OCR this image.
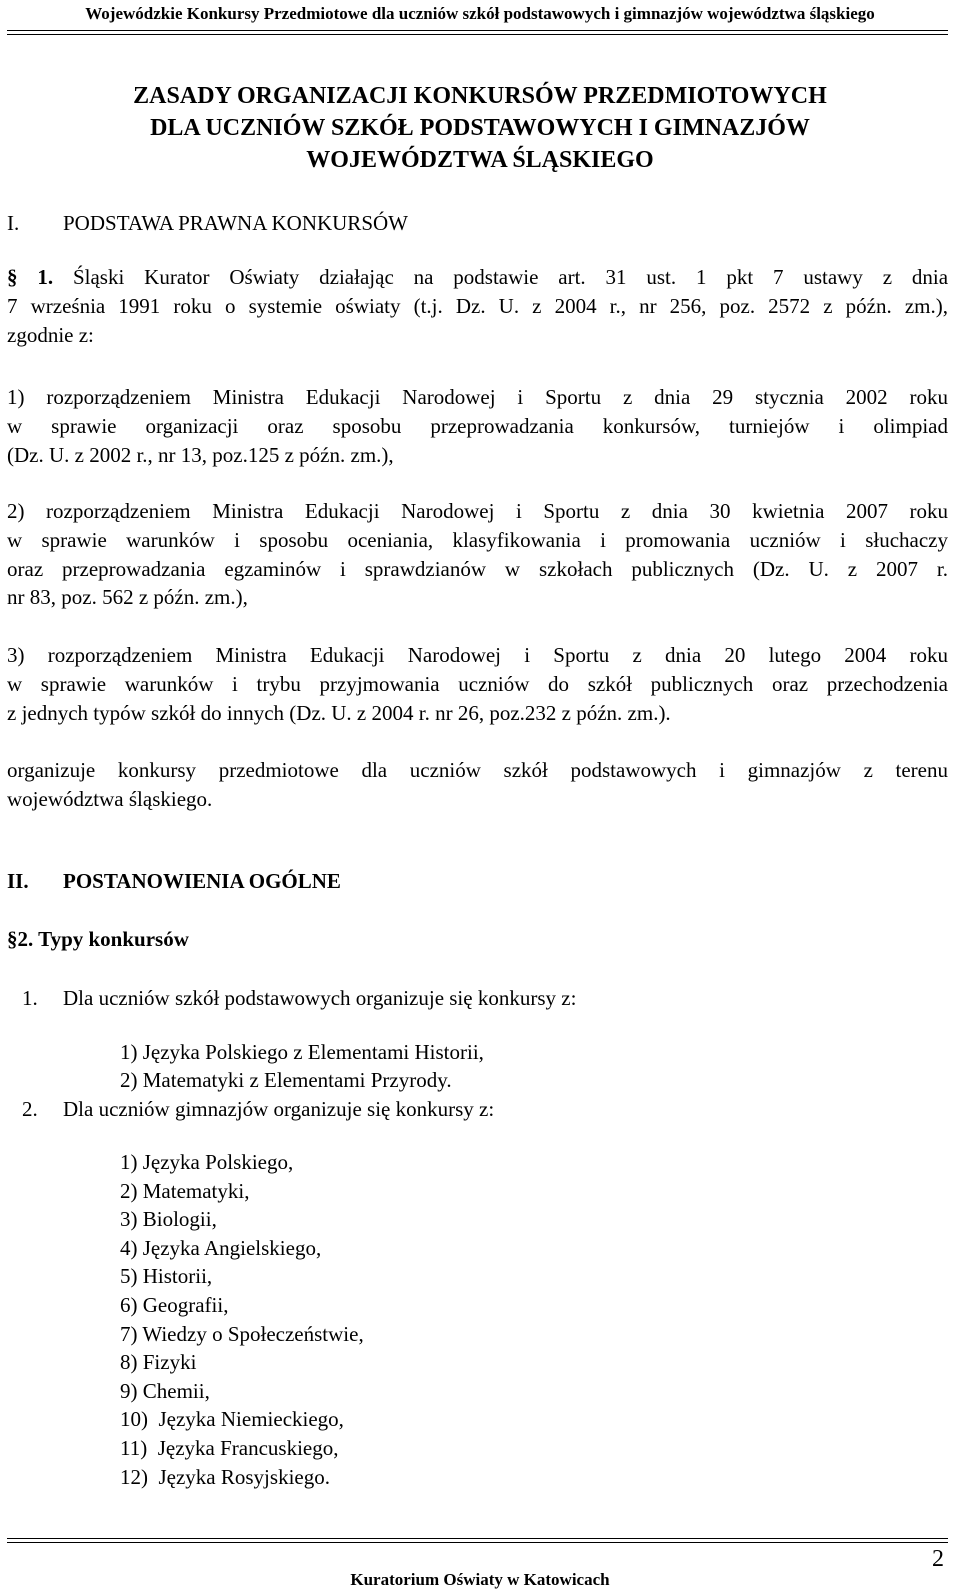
Wojewódzkie Konkursy Przedmiotowe dla uczniów szkół podstawowych i gimnazjów województwa śląskiego
ZASADY ORGANIZACJI KONKURSÓW PRZEDMIOTOWYCH
DLA UCZNIÓW SZKÓŁ PODSTAWOWYCH I GIMNAZJÓW
WOJEWÓDZTWA ŚLĄSKIEGO
I. PODSTAWA PRAWNA KONKURSÓW
§ 1. Śląski Kurator Oświaty działając na podstawie art. 31 ust. 1 pkt 7 ustawy z dnia
7 września 1991 roku o systemie oświaty (t.j. Dz. U. z 2004 r., nr 256, poz. 2572 z późn. zm.),
zgodnie z:
1) rozporządzeniem Ministra Edukacji Narodowej i Sportu z dnia 29 stycznia 2002 roku
w sprawie organizacji oraz sposobu przeprowadzania konkursów, turniejów i olimpiad
(Dz. U. z 2002 r., nr 13, poz.125 z późn. zm.),
2) rozporządzeniem Ministra Edukacji Narodowej i Sportu z dnia 30 kwietnia 2007 roku
w sprawie warunków i sposobu oceniania, klasyfikowania i promowania uczniów i słuchaczy
oraz przeprowadzania egzaminów i sprawdzianów w szkołach publicznych (Dz. U. z 2007 r.
nr 83, poz. 562 z późn. zm.),
3) rozporządzeniem Ministra Edukacji Narodowej i Sportu z dnia 20 lutego 2004 roku
w sprawie warunków i trybu przyjmowania uczniów do szkół publicznych oraz przechodzenia
z jednych typów szkół do innych (Dz. U. z 2004 r. nr 26, poz.232 z późn. zm.).
organizuje konkursy przedmiotowe dla uczniów szkół podstawowych i gimnazjów z terenu
województwa śląskiego.
II. POSTANOWIENIA OGÓLNE
§2. Typy konkursów
1. Dla uczniów szkół podstawowych organizuje się konkursy z:
1) Języka Polskiego z Elementami Historii,
2) Matematyki z Elementami Przyrody.
2. Dla uczniów gimnazjów organizuje się konkursy z:
1) Języka Polskiego,
2) Matematyki,
3) Biologii,
4) Języka Angielskiego,
5) Historii,
6) Geografii,
7) Wiedzy o Społeczeństwie,
8) Fizyki
9) Chemii,
10)  Języka Niemieckiego,
11)  Języka Francuskiego,
12)  Języka Rosyjskiego.
2
Kuratorium Oświaty w Katowicach
